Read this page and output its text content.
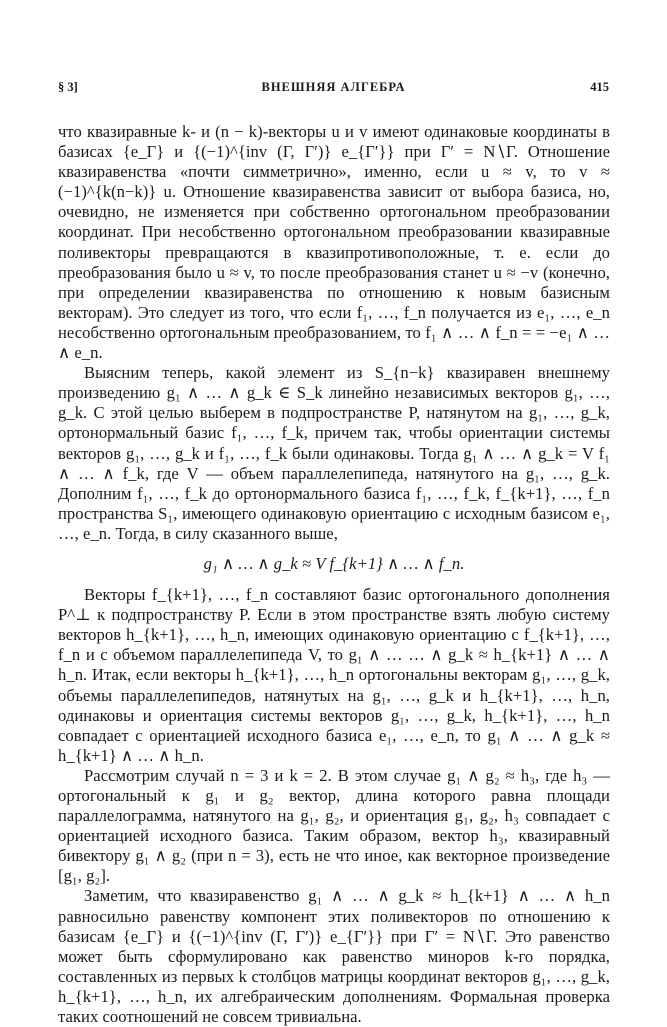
§ 3]	ВНЕШНЯЯ АЛГЕБРА	415

что квазиравные k- и (n − k)-векторы u и v имеют одинаковые координаты в базисах {e_Γ} и {(−1)^{inv (Γ, Γ′)} e_{Γ′}} при Γ′ = N∖Γ. Отношение квазиравенства «почти симметрично», именно, если u ≈ v, то v ≈ (−1)^{k(n−k)} u. Отношение квазиравенства зависит от выбора базиса, но, очевидно, не изменяется при собственно ортогональном преобразовании координат. При несобственно ортогональном преобразовании квазиравные поливекторы превращаются в квазипротивоположные, т. е. если до преобразования было u ≈ v, то после преобразования станет u ≈ −v (конечно, при определении квазиравенства по отношению к новым базисным векторам). Это следует из того, что если f₁, …, f_n получается из e₁, …, e_n несобственно ортогональным преобразованием, то f₁ ∧ … ∧ f_n = = −e₁ ∧ … ∧ e_n.

Выясним теперь, какой элемент из S_{n−k} квазиравен внешнему произведению g₁ ∧ … ∧ g_k ∈ S_k линейно независимых векторов g₁, …, g_k. С этой целью выберем в подпространстве P, натянутом на g₁, …, g_k, ортонормальный базис f₁, …, f_k, причем так, чтобы ориентации системы векторов g₁, …, g_k и f₁, …, f_k были одинаковы. Тогда g₁ ∧ … ∧ g_k = V f₁ ∧ … ∧ f_k, где V — объем параллелепипеда, натянутого на g₁, …, g_k. Дополним f₁, …, f_k до ортонормального базиса f₁, …, f_k, f_{k+1}, …, f_n пространства S₁, имеющего одинаковую ориентацию с исходным базисом e₁, …, e_n. Тогда, в силу сказанного выше,

g₁ ∧ … ∧ g_k ≈ V f_{k+1} ∧ … ∧ f_n.

Векторы f_{k+1}, …, f_n составляют базис ортогонального дополнения P^⊥ к подпространству P. Если в этом пространстве взять любую систему векторов h_{k+1}, …, h_n, имеющих одинаковую ориентацию с f_{k+1}, …, f_n и с объемом параллелепипеда V, то g₁ ∧ … … ∧ g_k ≈ h_{k+1} ∧ … ∧ h_n. Итак, если векторы h_{k+1}, …, h_n ортогональны векторам g₁, …, g_k, объемы параллелепипедов, натянутых на g₁, …, g_k и h_{k+1}, …, h_n, одинаковы и ориентация системы векторов g₁, …, g_k, h_{k+1}, …, h_n совпадает с ориентацией исходного базиса e₁, …, e_n, то g₁ ∧ … ∧ g_k ≈ h_{k+1} ∧ … ∧ h_n.

Рассмотрим случай n = 3 и k = 2. В этом случае g₁ ∧ g₂ ≈ h₃, где h₃ — ортогональный к g₁ и g₂ вектор, длина которого равна площади параллелограмма, натянутого на g₁, g₂, и ориентация g₁, g₂, h₃ совпадает с ориентацией исходного базиса. Таким образом, вектор h₃, квазиравный бивектору g₁ ∧ g₂ (при n = 3), есть не что иное, как векторное произведение [g₁, g₂].

Заметим, что квазиравенство g₁ ∧ … ∧ g_k ≈ h_{k+1} ∧ … ∧ h_n равносильно равенству компонент этих поливекторов по отношению к базисам {e_Γ} и {(−1)^{inv (Γ, Γ′)} e_{Γ′}} при Γ′ = N∖Γ. Это равенство может быть сформулировано как равенство миноров k-го порядка, составленных из первых k столбцов матрицы координат векторов g₁, …, g_k, h_{k+1}, …, h_n, их алгебраическим дополнениям. Формальная проверка таких соотношений не совсем тривиальна.
